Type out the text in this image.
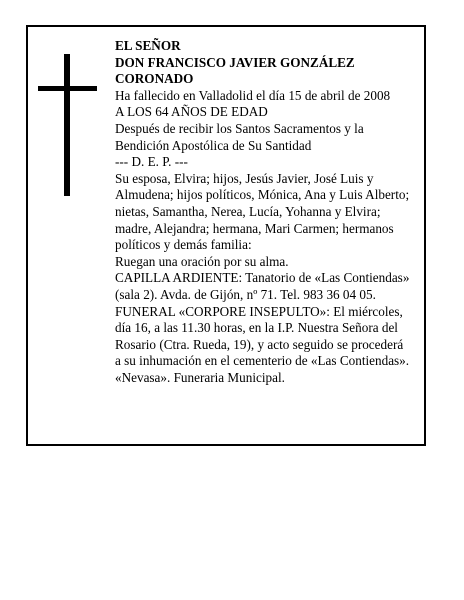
EL SEÑOR
DON FRANCISCO JAVIER GONZÁLEZ
CORONADO
Ha fallecido en Valladolid el día 15 de abril de 2008
A LOS 64 AÑOS DE EDAD
Después de recibir los Santos Sacramentos y la
Bendición Apostólica de Su Santidad
--- D. E. P. ---
Su esposa, Elvira; hijos, Jesús Javier, José Luis y
Almudena; hijos políticos, Mónica, Ana y Luis Alberto;
nietas, Samantha, Nerea, Lucía, Yohanna y Elvira;
madre, Alejandra; hermana, Mari Carmen; hermanos
políticos y demás familia:
Ruegan una oración por su alma.
CAPILLA ARDIENTE: Tanatorio de «Las Contiendas»
(sala 2). Avda. de Gijón, nº 71. Tel. 983 36 04 05.
FUNERAL «CORPORE INSEPULTO»: El miércoles,
día 16, a las 11.30 horas, en la I.P. Nuestra Señora del
Rosario (Ctra. Rueda, 19), y acto seguido se procederá
a su inhumación en el cementerio de «Las Contiendas».
«Nevasa». Funeraria Municipal.
